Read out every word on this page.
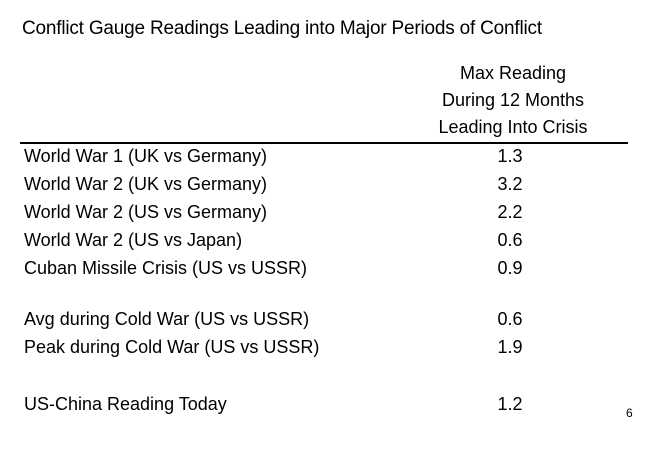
Conflict Gauge Readings Leading into Major Periods of Conflict
Max Reading
During 12 Months
Leading Into Crisis
World War 1 (UK vs Germany)	1.3
World War 2 (UK vs Germany)	3.2
World War 2 (US vs Germany)	2.2
World War 2 (US vs Japan)	0.6
Cuban Missile Crisis (US vs USSR)	0.9
Avg during Cold War (US vs USSR)	0.6
Peak during Cold War (US vs USSR)	1.9
US-China Reading Today	1.2	6
